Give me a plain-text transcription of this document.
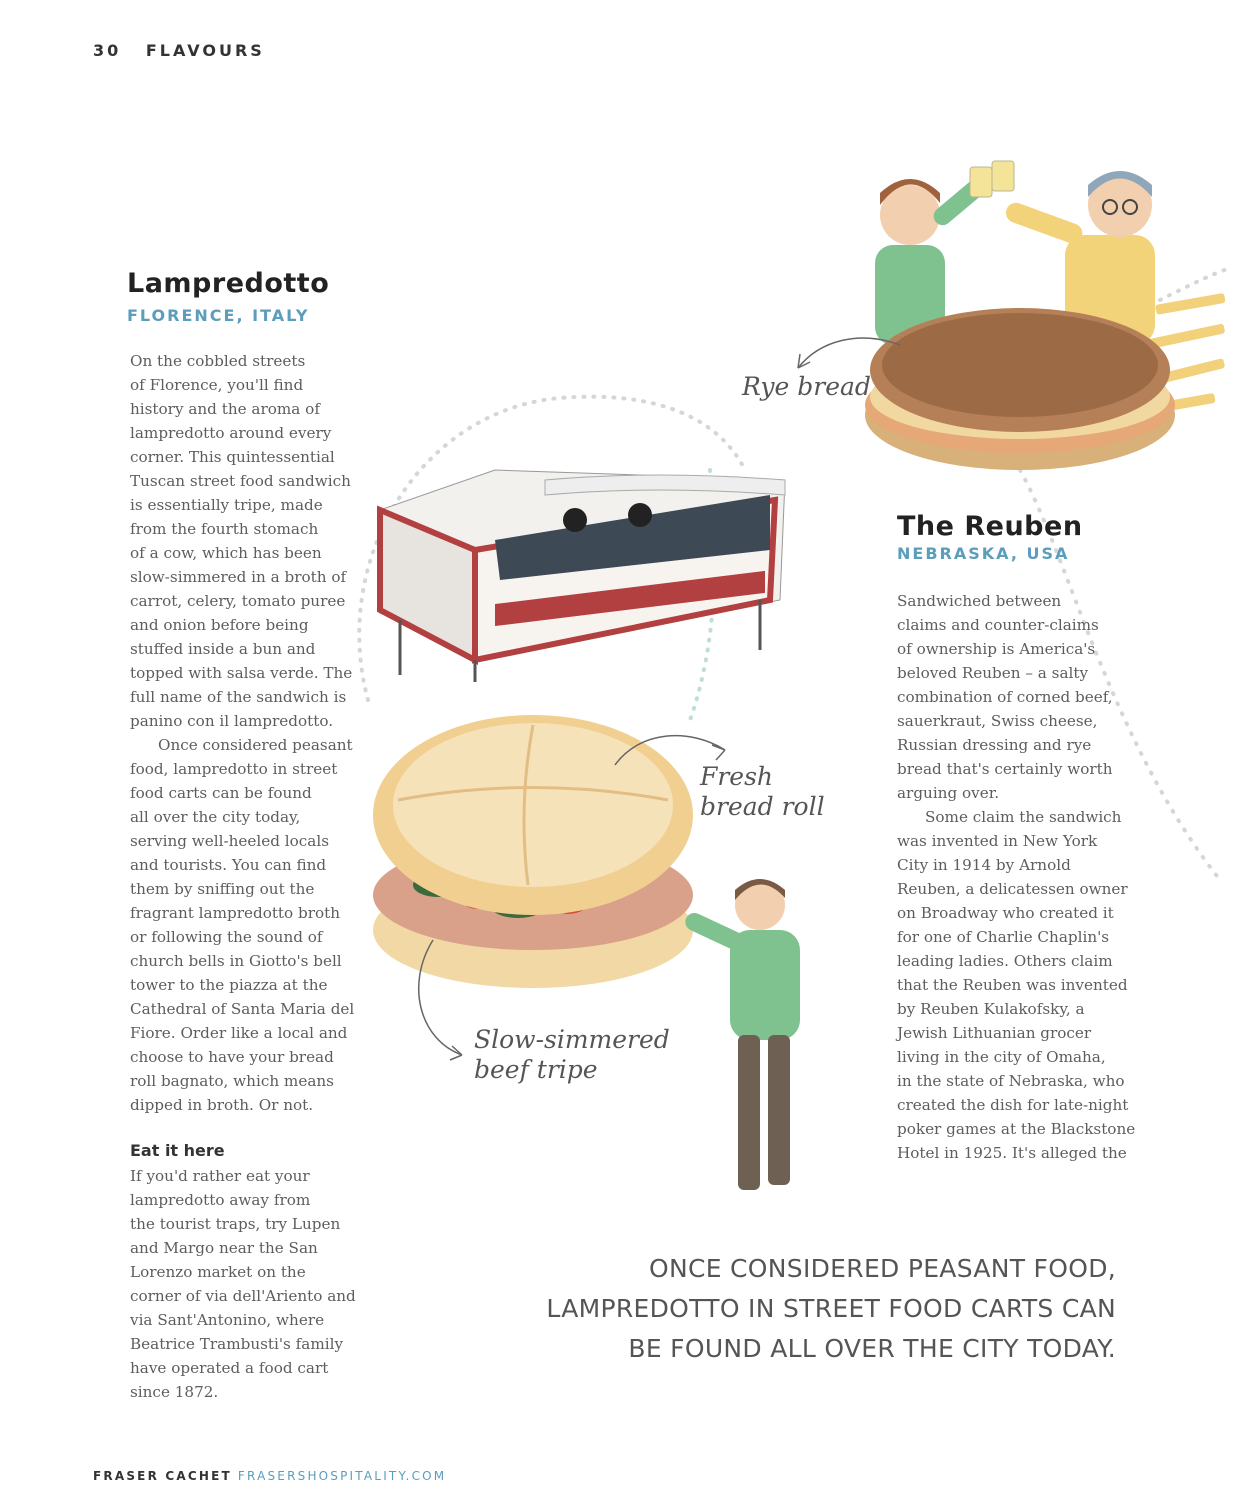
30 FLAVOURS
Rye bread
Fresh
bread roll
Slow-simmered
beef tripe
Lampredotto
FLORENCE, ITALY
On the cobbled streets
of Florence, you'll find
history and the aroma of
lampredotto around every
corner. This quintessential
Tuscan street food sandwich
is essentially tripe, made
from the fourth stomach
of a cow, which has been
slow-simmered in a broth of
carrot, celery, tomato puree
and onion before being
stuffed inside a bun and
topped with salsa verde. The
full name of the sandwich is
panino con il lampredotto.
Once considered peasant
food, lampredotto in street
food carts can be found
all over the city today,
serving well-heeled locals
and tourists. You can find
them by sniffing out the
fragrant lampredotto broth
or following the sound of
church bells in Giotto's bell
tower to the piazza at the
Cathedral of Santa Maria del
Fiore. Order like a local and
choose to have your bread
roll bagnato, which means
dipped in broth. Or not.
Eat it here
If you'd rather eat your
lampredotto away from
the tourist traps, try Lupen
and Margo near the San
Lorenzo market on the
corner of via dell'Ariento and
via Sant'Antonino, where
Beatrice Trambusti's family
have operated a food cart
since 1872.
The Reuben
NEBRASKA, USA
Sandwiched between
claims and counter-claims
of ownership is America's
beloved Reuben – a salty
combination of corned beef,
sauerkraut, Swiss cheese,
Russian dressing and rye
bread that's certainly worth
arguing over.
Some claim the sandwich
was invented in New York
City in 1914 by Arnold
Reuben, a delicatessen owner
on Broadway who created it
for one of Charlie Chaplin's
leading ladies. Others claim
that the Reuben was invented
by Reuben Kulakofsky, a
Jewish Lithuanian grocer
living in the city of Omaha,
in the state of Nebraska, who
created the dish for late-night
poker games at the Blackstone
Hotel in 1925. It's alleged the
ONCE CONSIDERED PEASANT FOOD,
LAMPREDOTTO IN STREET FOOD CARTS CAN
BE FOUND ALL OVER THE CITY TODAY.
FRASER CACHET FRASERSHOSPITALITY.COM
